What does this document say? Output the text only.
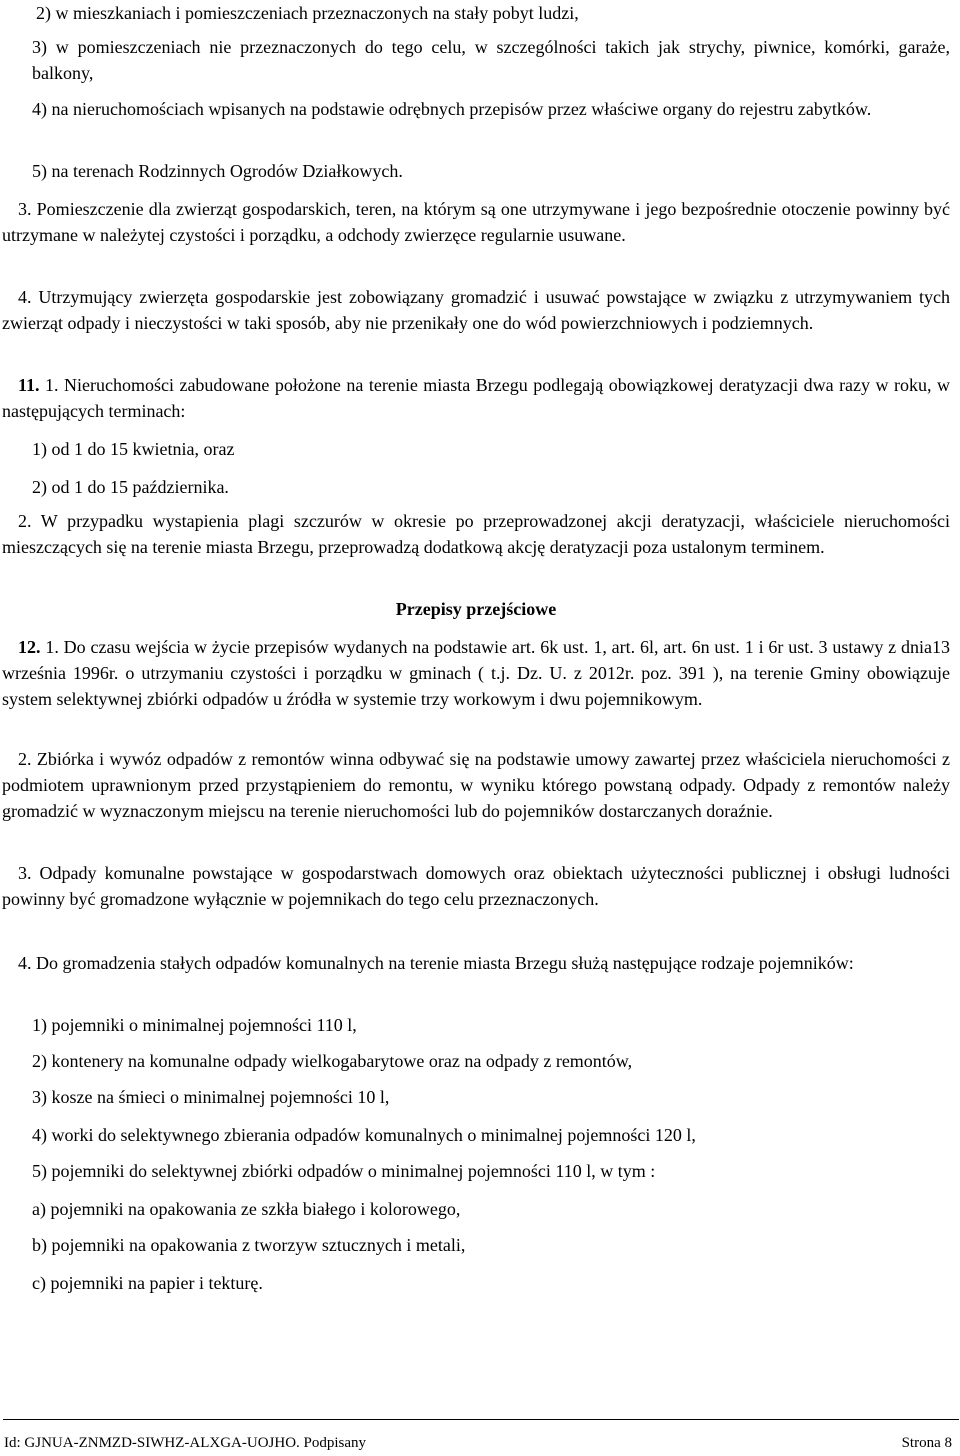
2) w mieszkaniach i pomieszczeniach przeznaczonych na stały pobyt ludzi,

3) w pomieszczeniach nie przeznaczonych do tego celu, w szczególności takich jak strychy, piwnice, komórki, garaże, balkony,

4) na nieruchomościach wpisanych na podstawie odrębnych przepisów przez właściwe organy do rejestru zabytków.

5) na terenach Rodzinnych Ogrodów Działkowych.

3. Pomieszczenie dla zwierząt gospodarskich, teren, na którym są one utrzymywane i jego bezpośrednie otoczenie powinny być utrzymane w należytej czystości i porządku, a odchody zwierzęce regularnie usuwane.

4. Utrzymujący zwierzęta gospodarskie jest zobowiązany gromadzić i usuwać powstające w związku z utrzymywaniem tych zwierząt odpady i nieczystości w taki sposób, aby nie przenikały one do wód powierzchniowych i podziemnych.

11. 1. Nieruchomości zabudowane położone na terenie miasta Brzegu podlegają obowiązkowej deratyzacji dwa razy w roku, w następujących terminach:

1) od 1 do 15 kwietnia, oraz

2) od 1 do 15 października.

2. W przypadku wystapienia plagi szczurów w okresie po przeprowadzonej akcji deratyzacji, właściciele nieruchomości mieszczących się na terenie miasta Brzegu, przeprowadzą dodatkową akcję deratyzacji poza ustalonym terminem.

Przepisy przejściowe

12. 1. Do czasu wejścia w życie przepisów wydanych na podstawie art. 6k ust. 1, art. 6l, art. 6n ust. 1 i 6r ust. 3 ustawy z dnia13 września 1996r. o utrzymaniu czystości i porządku w gminach ( t.j. Dz. U. z 2012r. poz. 391 ), na terenie Gminy obowiązuje system selektywnej zbiórki odpadów u źródła w systemie trzy workowym i dwu pojemnikowym.

2. Zbiórka i wywóz odpadów z remontów winna odbywać się na podstawie umowy zawartej przez właściciela nieruchomości z podmiotem uprawnionym przed przystąpieniem do remontu, w wyniku którego powstaną odpady. Odpady z remontów należy gromadzić w wyznaczonym miejscu na terenie nieruchomości lub do pojemników dostarczanych doraźnie.

3. Odpady komunalne powstające w gospodarstwach domowych oraz obiektach użyteczności publicznej i obsługi ludności powinny być gromadzone wyłącznie w pojemnikach do tego celu przeznaczonych.

4. Do gromadzenia stałych odpadów komunalnych na terenie miasta Brzegu służą następujące rodzaje pojemników:

1) pojemniki o minimalnej pojemności 110 l,

2) kontenery na komunalne odpady wielkogabarytowe oraz na odpady z remontów,

3) kosze na śmieci o minimalnej pojemności 10 l,

4) worki do selektywnego zbierania odpadów komunalnych o minimalnej pojemności 120 l,

5) pojemniki do selektywnej zbiórki odpadów o minimalnej pojemności 110 l, w tym :

a) pojemniki na opakowania ze szkła białego i kolorowego,

b) pojemniki na opakowania z tworzyw sztucznych i metali,

c) pojemniki na papier i tekturę.

Id: GJNUA-ZNMZD-SIWHZ-ALXGA-UOJHO. Podpisany	Strona 8
